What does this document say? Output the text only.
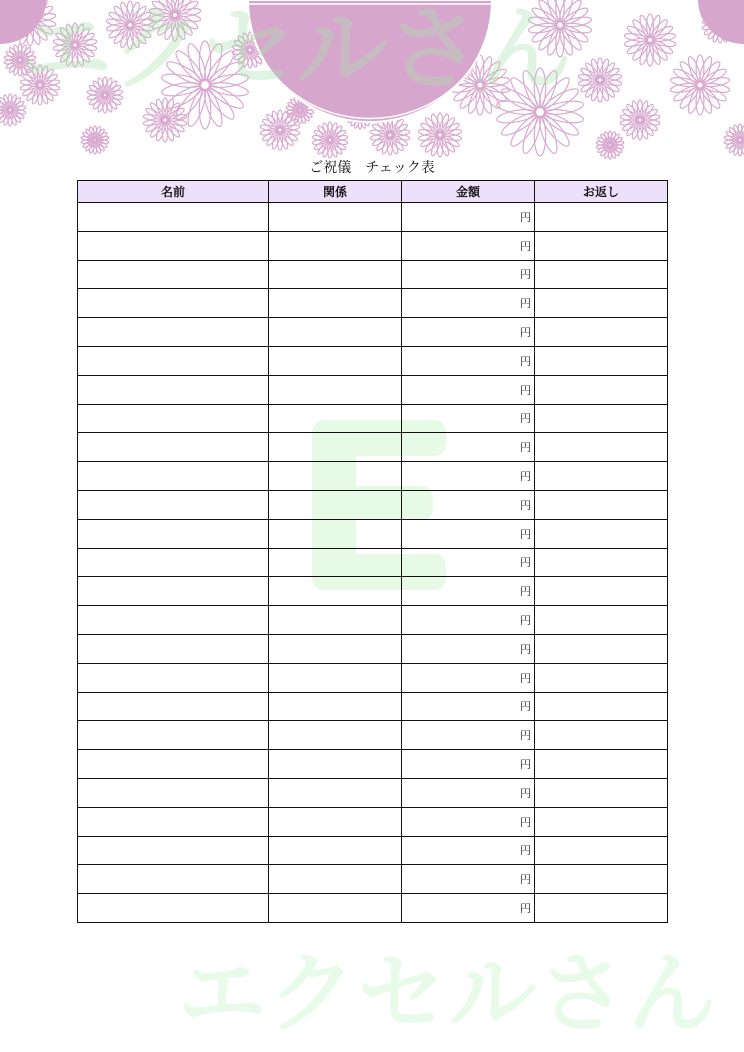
エクセルさん
E
エクセルさん
ご祝儀　チェック表
名前	関係	金額	お返し
		円	
		円	
		円	
		円	
		円	
		円	
		円	
		円	
		円	
		円	
		円	
		円	
		円	
		円	
		円	
		円	
		円	
		円	
		円	
		円	
		円	
		円	
		円	
		円	
		円	
